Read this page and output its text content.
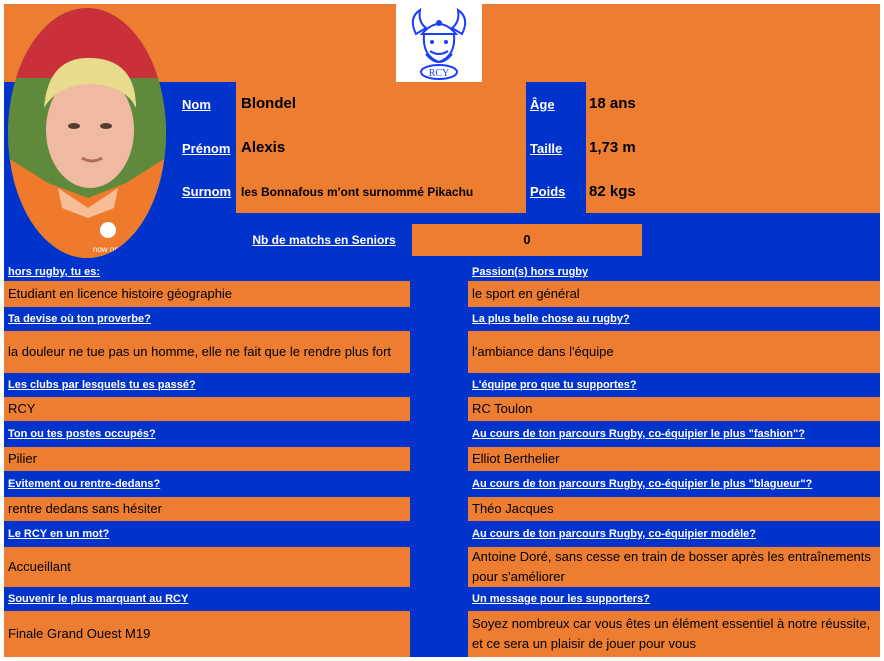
RCY
Nom
Prénom
Surnom
Blondel
Alexis
les Bonnafous m'ont surnommé Pikachu
Âge
Taille
Poids
18 ans
1,73 m
82 kgs
Nb de matchs en Seniors	0
now one
hors rugby, tu es:
Etudiant en licence histoire géographie
Passion(s) hors rugby
le sport en général
Ta devise où ton proverbe?
la douleur ne tue pas un homme, elle ne fait que le rendre plus fort
La plus belle chose au rugby?
l'ambiance dans l'équipe
Les clubs par lesquels tu es passé?
RCY
L'équipe pro que tu supportes?
RC Toulon
Ton ou tes postes occupés?
Pilier
Au cours de ton parcours Rugby, co-équipier le plus "fashion"?
Elliot Berthelier
Evitement ou rentre-dedans?
rentre dedans sans hésiter
Au cours de ton parcours Rugby, co-équipier le plus "blagueur"?
Théo Jacques
Le RCY en un mot?
Accueillant
Au cours de ton parcours Rugby, co-équipier modèle?
Antoine Doré, sans cesse en train de bosser après les entraînements pour s'améliorer
Souvenir le plus marquant au RCY
Finale Grand Ouest M19
Un message pour les supporters?
Soyez nombreux car vous êtes un élément essentiel à notre réussite, et ce sera un plaisir de jouer pour vous
